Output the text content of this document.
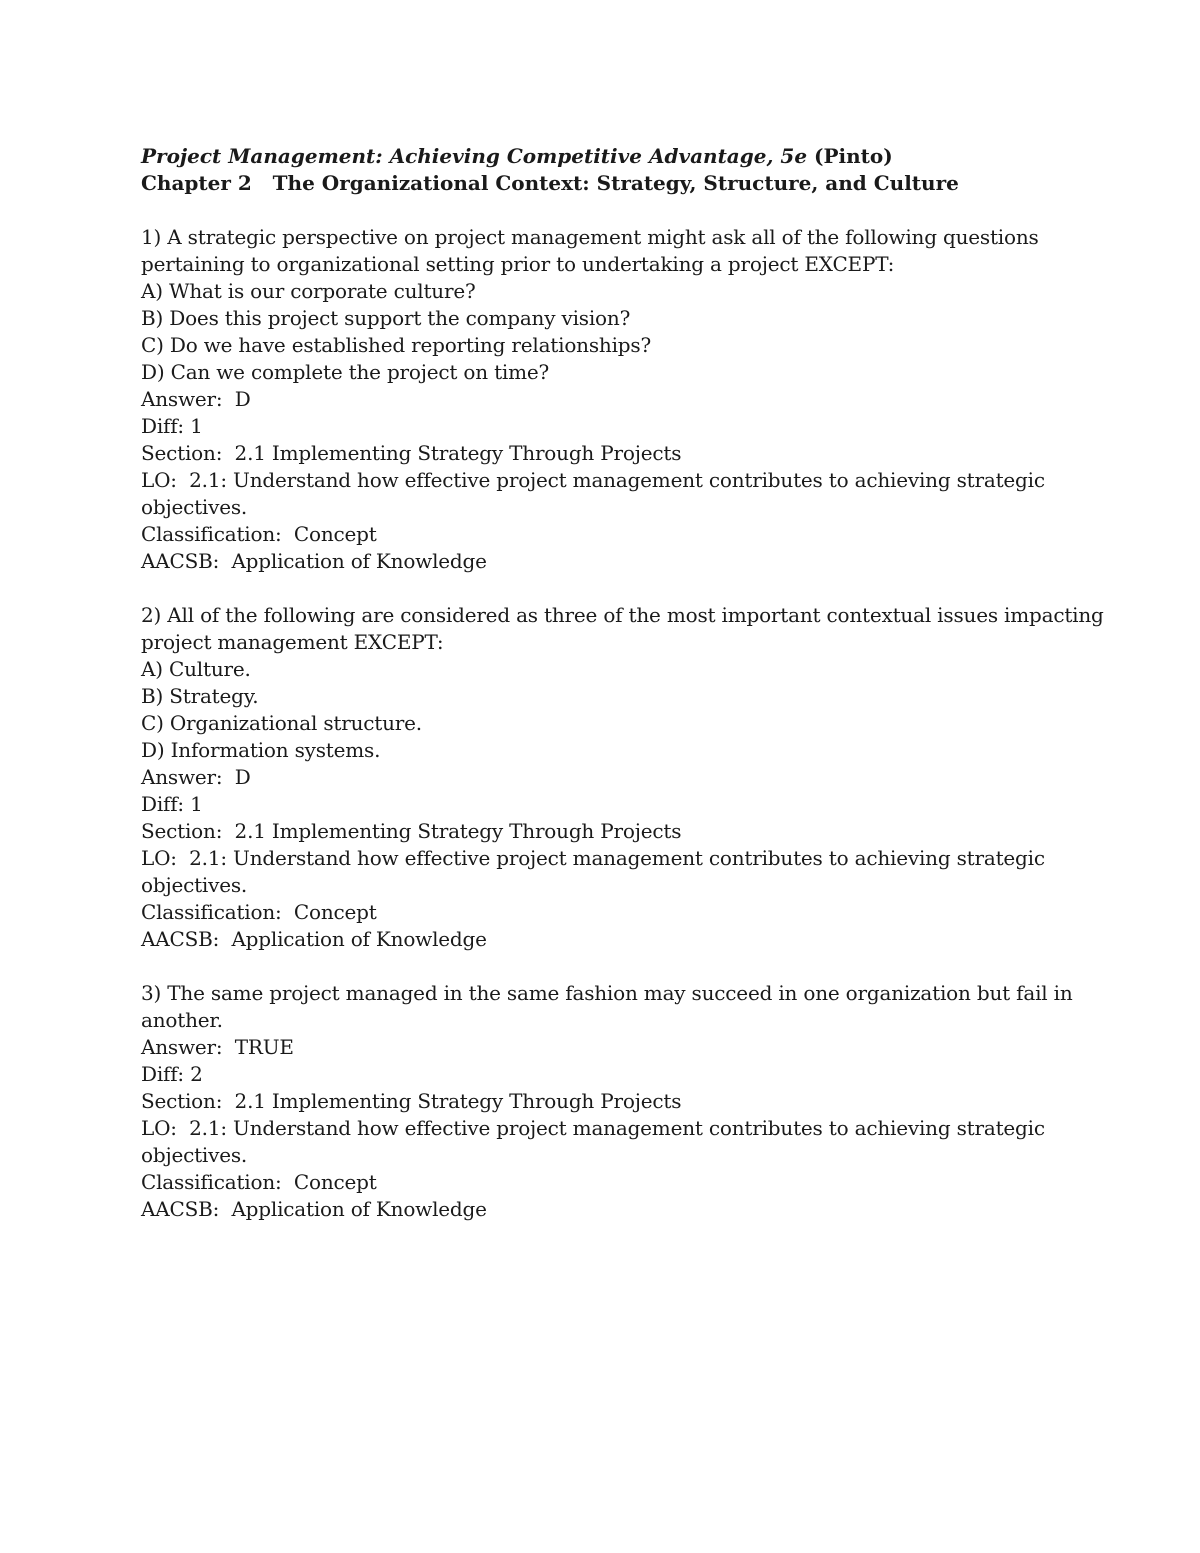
Project Management: Achieving Competitive Advantage, 5e (Pinto)
Chapter 2   The Organizational Context: Strategy, Structure, and Culture
1) A strategic perspective on project management might ask all of the following questions
pertaining to organizational setting prior to undertaking a project EXCEPT:
A) What is our corporate culture?
B) Does this project support the company vision?
C) Do we have established reporting relationships?
D) Can we complete the project on time?
Answer:  D
Diff: 1
Section:  2.1 Implementing Strategy Through Projects
LO:  2.1: Understand how effective project management contributes to achieving strategic
objectives.
Classification:  Concept
AACSB:  Application of Knowledge
2) All of the following are considered as three of the most important contextual issues impacting
project management EXCEPT:
A) Culture.
B) Strategy.
C) Organizational structure.
D) Information systems.
Answer:  D
Diff: 1
Section:  2.1 Implementing Strategy Through Projects
LO:  2.1: Understand how effective project management contributes to achieving strategic
objectives.
Classification:  Concept
AACSB:  Application of Knowledge
3) The same project managed in the same fashion may succeed in one organization but fail in
another.
Answer:  TRUE
Diff: 2
Section:  2.1 Implementing Strategy Through Projects
LO:  2.1: Understand how effective project management contributes to achieving strategic
objectives.
Classification:  Concept
AACSB:  Application of Knowledge
